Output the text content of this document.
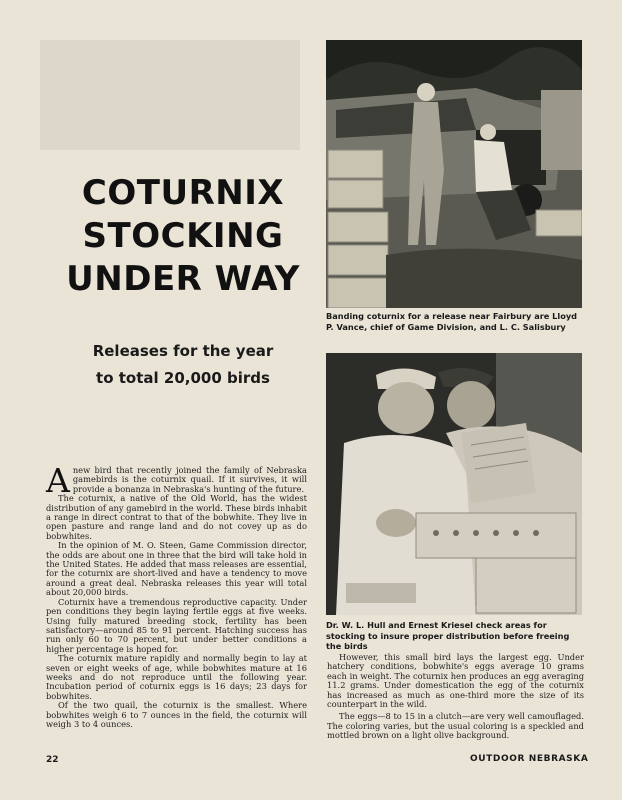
COTURNIX
STOCKING
UNDER WAY
Releases for the year
to total 20,000 birds
Banding coturnix for a release near Fairbury are Lloyd P. Vance, chief of Game Division, and L. C. Salisbury
Dr. W. L. Hull and Ernest Kriesel check areas for stocking to insure proper distribution before freeing the birds

Anew bird that recently joined the family of Nebraska gamebirds is the coturnix quail. If it survives, it will provide a bonanza in Nebraska's hunting of the future.

The coturnix, a native of the Old World, has the widest distribution of any gamebird in the world. These birds inhabit a range in direct contrat to that of the bobwhite. They live in open pasture and range land and do not covey up as do bobwhites.

In the opinion of M. O. Steen, Game Commission director, the odds are about one in three that the bird will take hold in the United States. He added that mass releases are essential, for the coturnix are short-lived and have a tendency to move around a great deal. Nebraska releases this year will total about 20,000 birds.

Coturnix have a tremendous reproductive capacity. Under pen conditions they begin laying fertile eggs at five weeks. Using fully matured breeding stock, fertility has been satisfactory—around 85 to 91 percent. Hatching success has run only 60 to 70 percent, but under better conditions a higher percentage is hoped for.

The coturnix mature rapidly and normally begin to lay at seven or eight weeks of age, while bobwhites mature at 16 weeks and do not reproduce until the following year. Incubation period of coturnix eggs is 16 days; 23 days for bobwhites.

Of the two quail, the coturnix is the smallest. Where bobwhites weigh 6 to 7 ounces in the field, the coturnix will weigh 3 to 4 ounces.

However, this small bird lays the largest egg. Under hatchery conditions, bobwhite's eggs average 10 grams each in weight. The coturnix hen produces an egg averaging 11.2 grams. Under domestication the egg of the coturnix has increased as much as one-third more the size of its counterpart in the wild.

The eggs—8 to 15 in a clutch—are very well camouflaged. The coloring varies, but the usual coloring is a speckled and mottled brown on a light olive background.

22	OUTDOOR NEBRASKA
